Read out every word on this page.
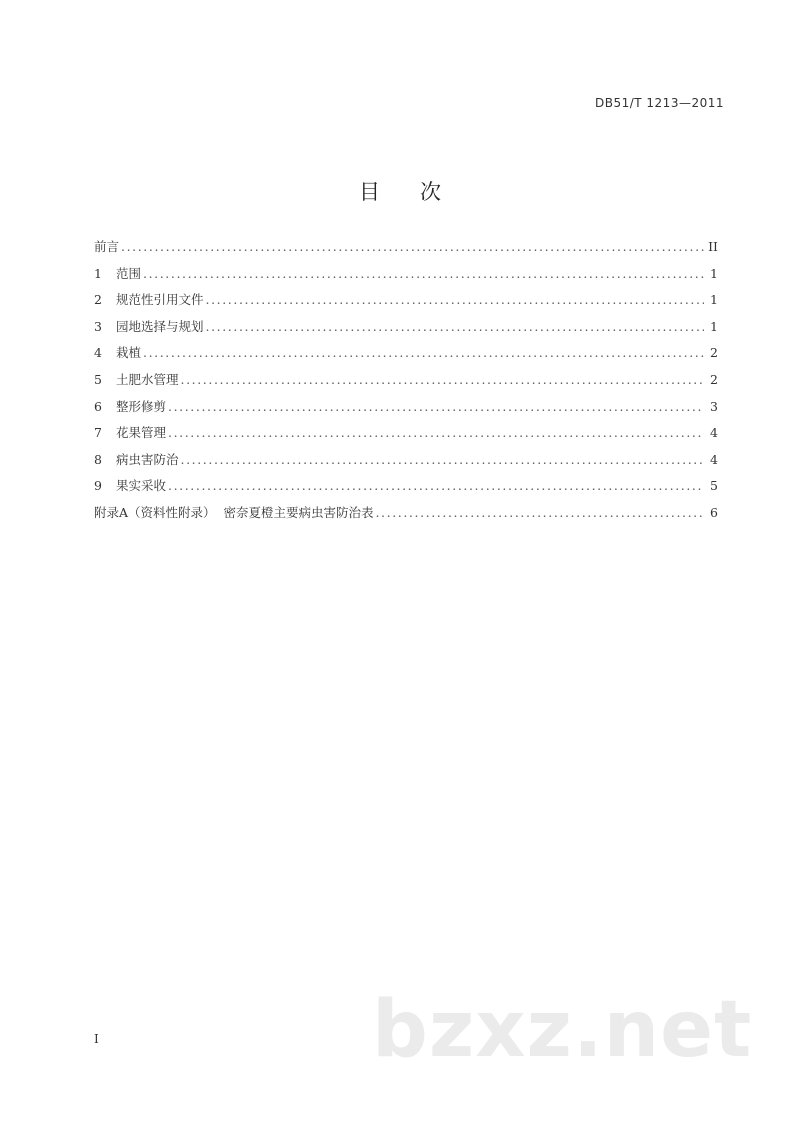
DB51/T 1213—2011
目次
前言 .....	II
1	范围 .....	1
2	规范性引用文件 .....	1
3	园地选择与规划 .....	1
4	栽植 .....	2
5	土肥水管理 .....	2
6	整形修剪 .....	3
7	花果管理 .....	4
8	病虫害防治 .....	4
9	果实采收 .....	5
附录A（资料性附录）  密奈夏橙主要病虫害防治表 .....	6
I	bzxz.net
